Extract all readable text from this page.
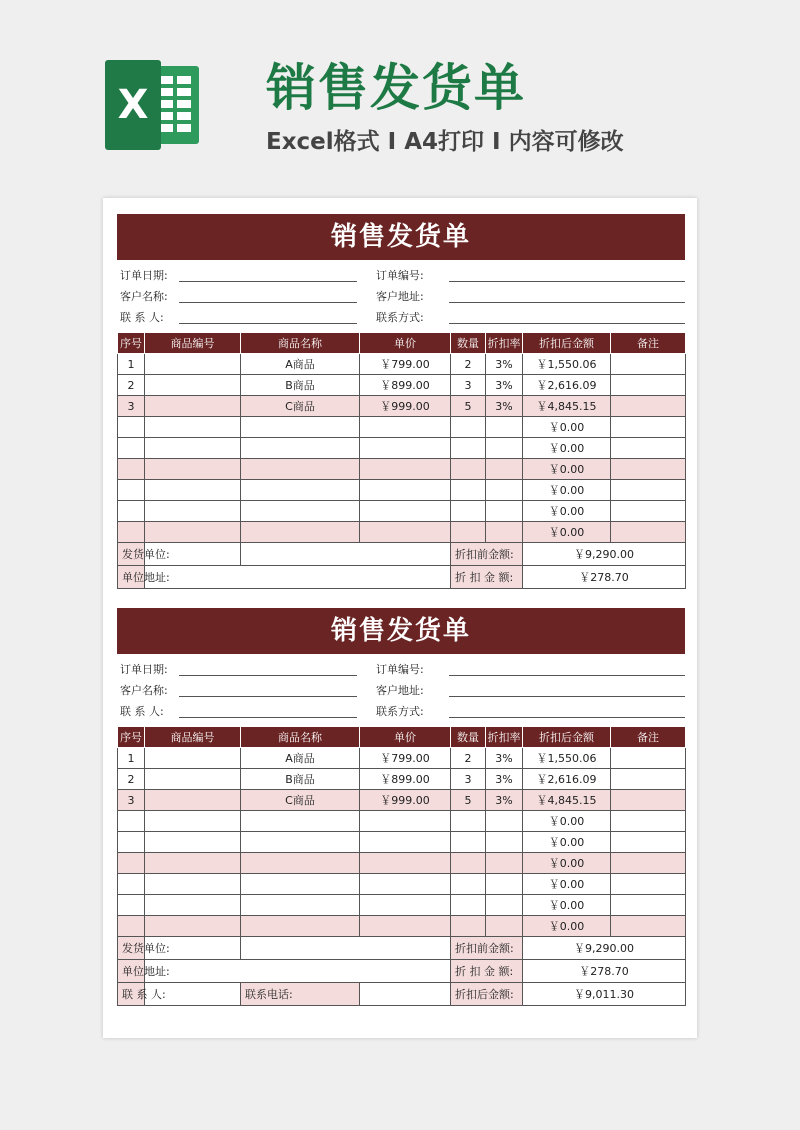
X 销售发货单
Excel格式 I A4打印 I 内容可修改
销售发货单
订单日期:	订单编号:
客户名称:	客户地址:
联 系 人:	联系方式:
序号	商品编号	商品名称	单价	数量	折扣率	折扣后金额	备注
1		A商品	￥799.00	2	3%	￥1,550.06	
2		B商品	￥899.00	3	3%	￥2,616.09	
3		C商品	￥999.00	5	3%	￥4,845.15	
						￥0.00	
						￥0.00	
						￥0.00	
						￥0.00	
						￥0.00	
						￥0.00	
发货单位:				折扣前金额:		￥9,290.00	
单位地址:				折 扣 金 额:		￥278.70	
销售发货单
订单日期:	订单编号:
客户名称:	客户地址:
联 系 人:	联系方式:
序号	商品编号	商品名称	单价	数量	折扣率	折扣后金额	备注
1		A商品	￥799.00	2	3%	￥1,550.06	
2		B商品	￥899.00	3	3%	￥2,616.09	
3		C商品	￥999.00	5	3%	￥4,845.15	
						￥0.00	
						￥0.00	
						￥0.00	
						￥0.00	
						￥0.00	
						￥0.00	
发货单位:				折扣前金额:		￥9,290.00	
单位地址:				折 扣 金 额:		￥278.70	
联 系 人:		联系电话:		折扣后金额:		￥9,011.30	
